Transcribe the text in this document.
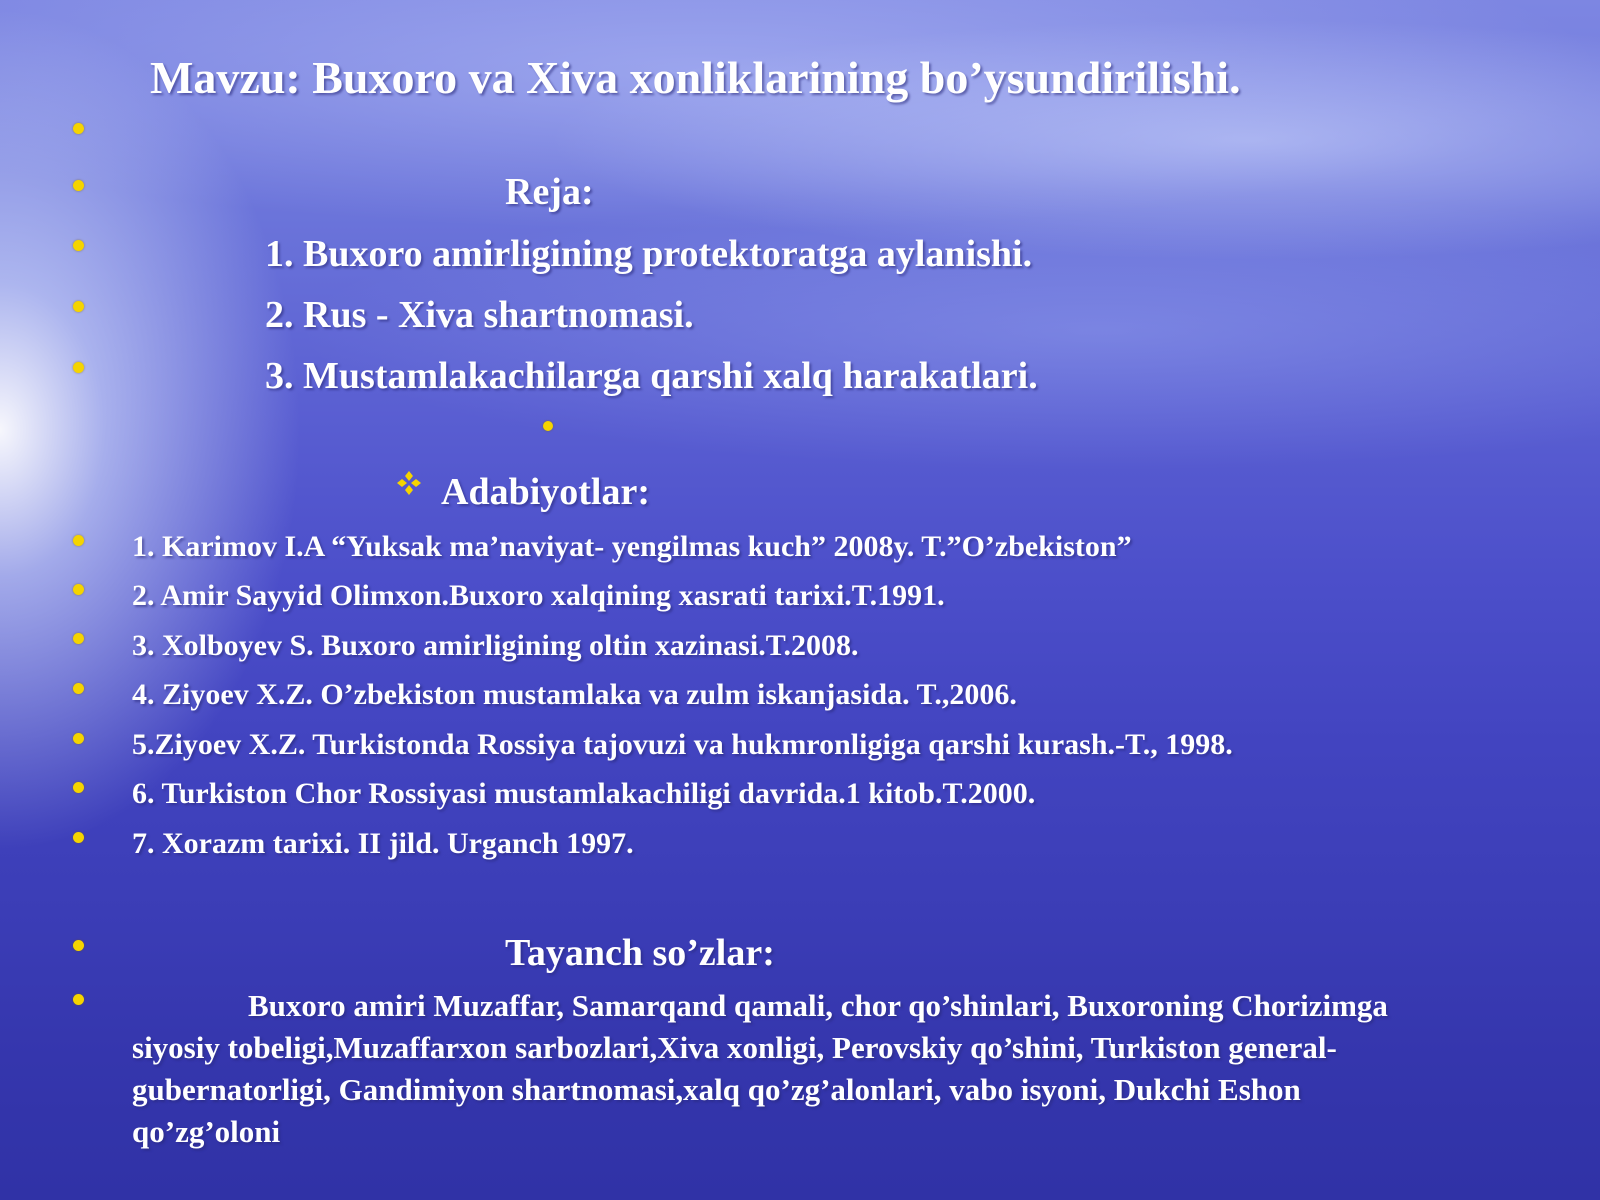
Mavzu: Buxoro va Xiva xonliklarining bo’ysundirilishi.
Reja:
1. Buxoro amirligining protektoratga aylanishi.
2. Rus - Xiva shartnomasi.
3. Mustamlakachilarga qarshi xalq harakatlari.
Adabiyotlar:
1. Karimov I.A “Yuksak ma’naviyat- yengilmas kuch” 2008y. T.”O’zbekiston”
2. Amir Sayyid Olimxon.Buxoro xalqining xasrati tarixi.T.1991.
3. Xolboyev S. Buxoro amirligining oltin xazinasi.T.2008.
4. Ziyoev X.Z. O’zbekiston mustamlaka va zulm iskanjasida. T.,2006.
5.Ziyoev X.Z. Turkistonda Rossiya tajovuzi va hukmronligiga qarshi kurash.-T., 1998.
6. Turkiston Chor Rossiyasi mustamlakachiligi davrida.1 kitob.T.2000.
7. Xorazm tarixi. II jild. Urganch 1997.
Tayanch so’zlar:
Buxoro amiri Muzaffar, Samarqand qamali, chor qo’shinlari, Buxoroning Chorizimga siyosiy tobeligi,Muzaffarxon sarbozlari,Xiva xonligi, Perovskiy qo’shini, Turkiston general- gubernatorligi, Gandimiyon shartnomasi,xalq qo’zg’alonlari, vabo isyoni, Dukchi Eshon qo’zg’oloni
